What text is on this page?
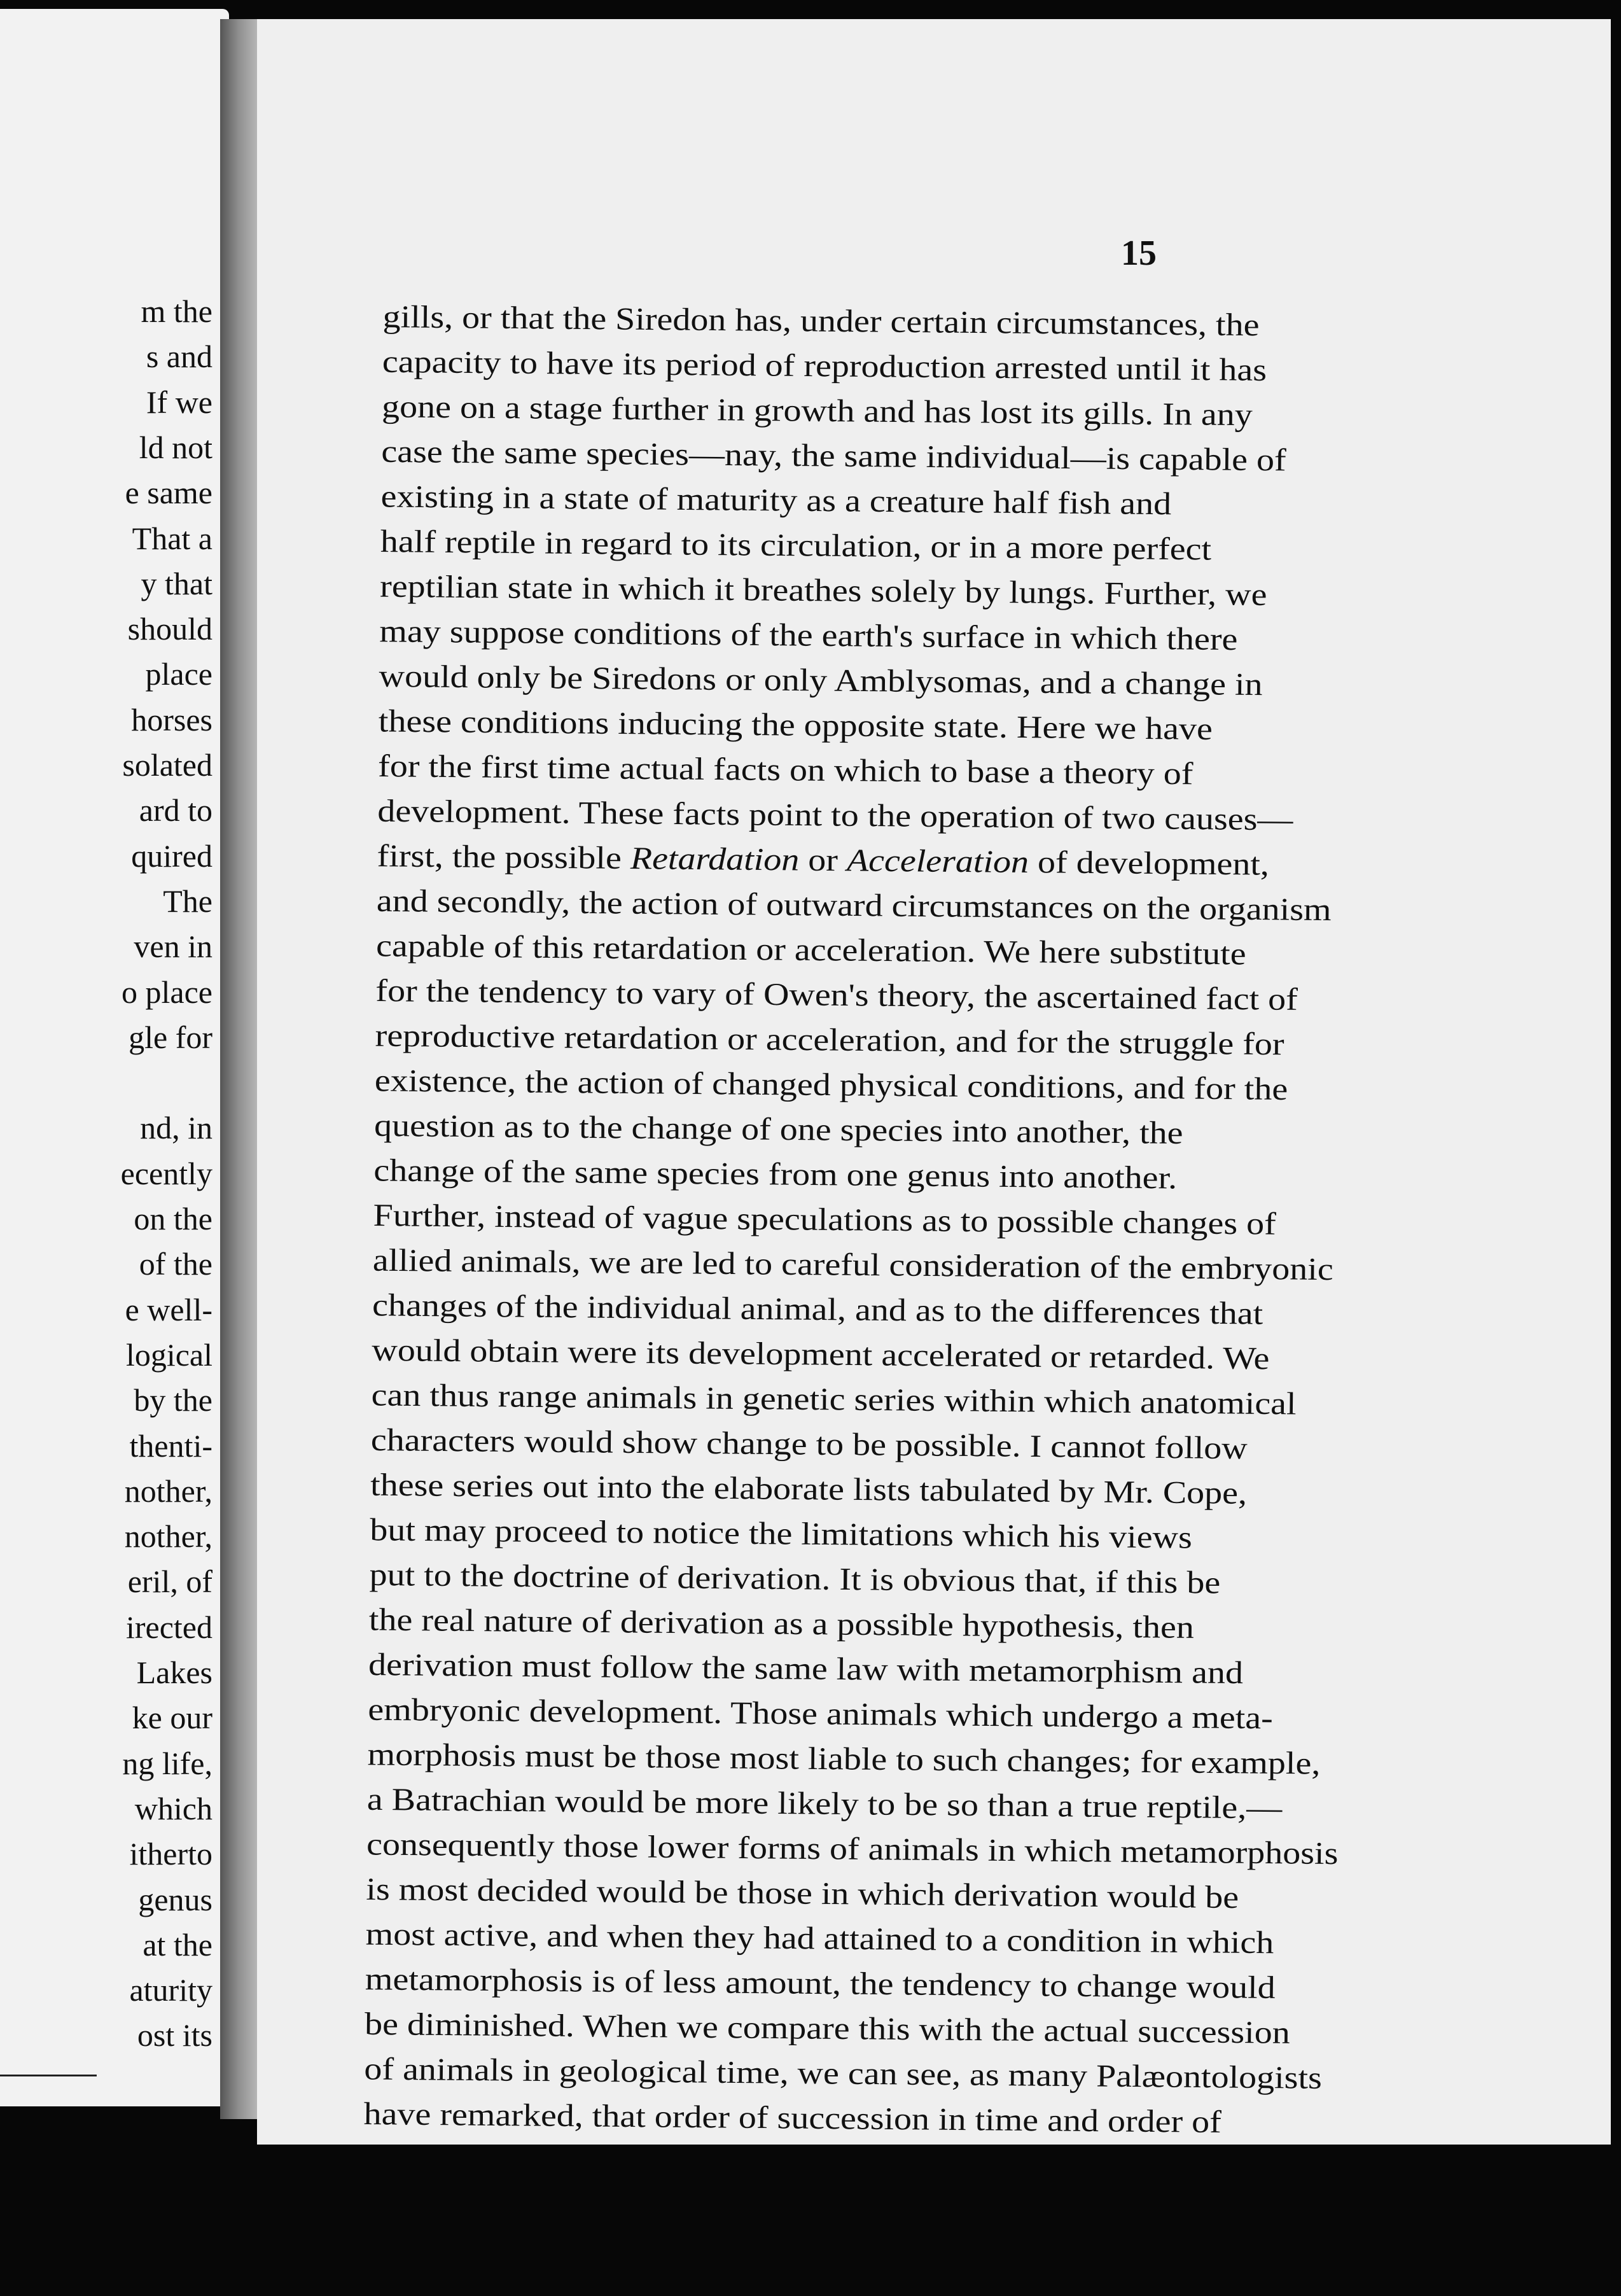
m the
s and
If we
ld not
e same
That a
y that
should
place
horses
solated
ard to
quired
The
ven in
o place
gle for
nd, in
ecently
on the
of the
e well-
logical
by the
thenti-
nother,
nother,
eril, of
irected
Lakes
ke our
ng life,
which
itherto
genus
at the
aturity
ost its
15
gills, or that the Siredon has, under certain circumstances, the
capacity to have its period of reproduction arrested until it has
gone on a stage further in growth and has lost its gills. In any
case the same species—nay, the same individual—is capable of
existing in a state of maturity as a creature half fish and
half reptile in regard to its circulation, or in a more perfect
reptilian state in which it breathes solely by lungs. Further, we
may suppose conditions of the earth's surface in which there
would only be Siredons or only Amblysomas, and a change in
these conditions inducing the opposite state. Here we have
for the first time actual facts on which to base a theory of
development. These facts point to the operation of two causes—
first, the possible Retardation or Acceleration of development,
and secondly, the action of outward circumstances on the organism
capable of this retardation or acceleration. We here substitute
for the tendency to vary of Owen's theory, the ascertained fact of
reproductive retardation or acceleration, and for the struggle for
existence, the action of changed physical conditions, and for the
question as to the change of one species into another, the
change of the same species from one genus into another.
Further, instead of vague speculations as to possible changes of
allied animals, we are led to careful consideration of the embryonic
changes of the individual animal, and as to the differences that
would obtain were its development accelerated or retarded. We
can thus range animals in genetic series within which anatomical
characters would show change to be possible. I cannot follow
these series out into the elaborate lists tabulated by Mr. Cope,
but may proceed to notice the limitations which his views
put to the doctrine of derivation. It is obvious that, if this be
the real nature of derivation as a possible hypothesis, then
derivation must follow the same law with metamorphism and
embryonic development. Those animals which undergo a meta-
morphosis must be those most liable to such changes; for example,
a Batrachian would be more likely to be so than a true reptile,—
consequently those lower forms of animals in which metamorphosis
is most decided would be those in which derivation would be
most active, and when they had attained to a condition in which
metamorphosis is of less amount, the tendency to change would
be diminished. When we compare this with the actual succession
of animals in geological time, we can see, as many Palæontologists
have remarked, that order of succession in time and order of
